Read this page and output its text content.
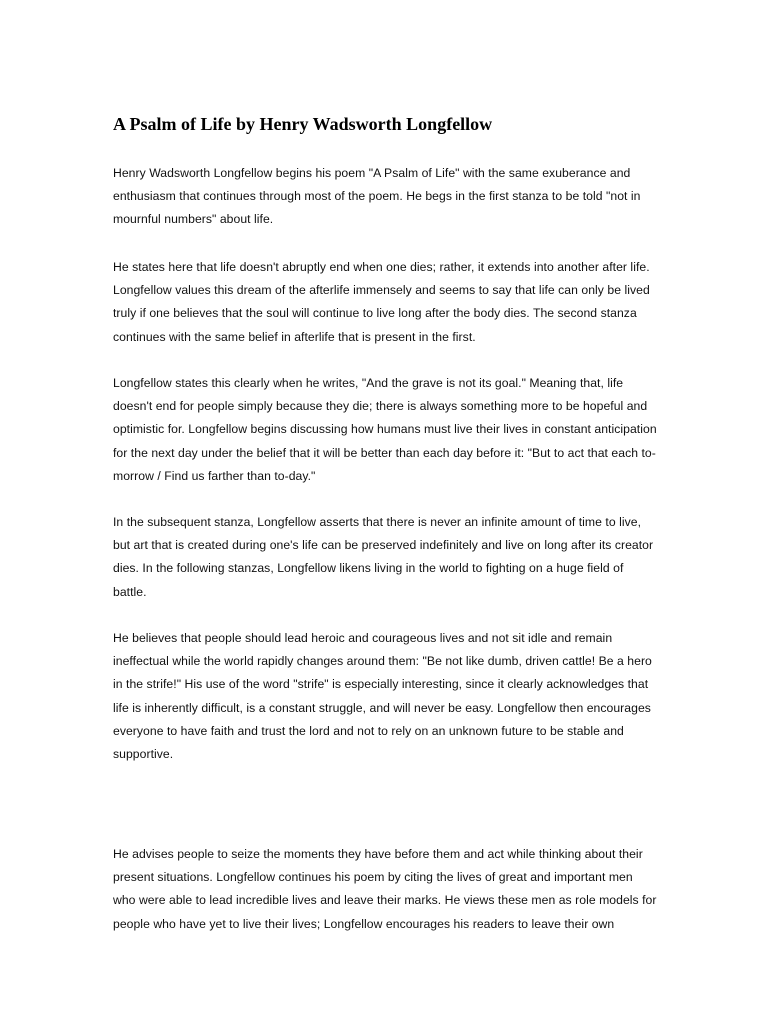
A Psalm of Life by Henry Wadsworth Longfellow

Henry Wadsworth Longfellow begins his poem "A Psalm of Life" with the same exuberance and enthusiasm that continues through most of the poem. He begs in the first stanza to be told "not in mournful numbers" about life.

He states here that life doesn't abruptly end when one dies; rather, it extends into another after life. Longfellow values this dream of the afterlife immensely and seems to say that life can only be lived truly if one believes that the soul will continue to live long after the body dies. The second stanza continues with the same belief in afterlife that is present in the first.

Longfellow states this clearly when he writes, "And the grave is not its goal." Meaning that, life doesn't end for people simply because they die; there is always something more to be hopeful and optimistic for. Longfellow begins discussing how humans must live their lives in constant anticipation for the next day under the belief that it will be better than each day before it: "But to act that each to-morrow / Find us farther than to-day."

In the subsequent stanza, Longfellow asserts that there is never an infinite amount of time to live, but art that is created during one's life can be preserved indefinitely and live on long after its creator dies. In the following stanzas, Longfellow likens living in the world to fighting on a huge field of battle.

He believes that people should lead heroic and courageous lives and not sit idle and remain ineffectual while the world rapidly changes around them: "Be not like dumb, driven cattle! Be a hero in the strife!" His use of the word "strife" is especially interesting, since it clearly acknowledges that life is inherently difficult, is a constant struggle, and will never be easy. Longfellow then encourages everyone to have faith and trust the lord and not to rely on an unknown future to be stable and supportive.

He advises people to seize the moments they have before them and act while thinking about their present situations. Longfellow continues his poem by citing the lives of great and important men who were able to lead incredible lives and leave their marks. He views these men as role models for people who have yet to live their lives; Longfellow encourages his readers to leave their own
